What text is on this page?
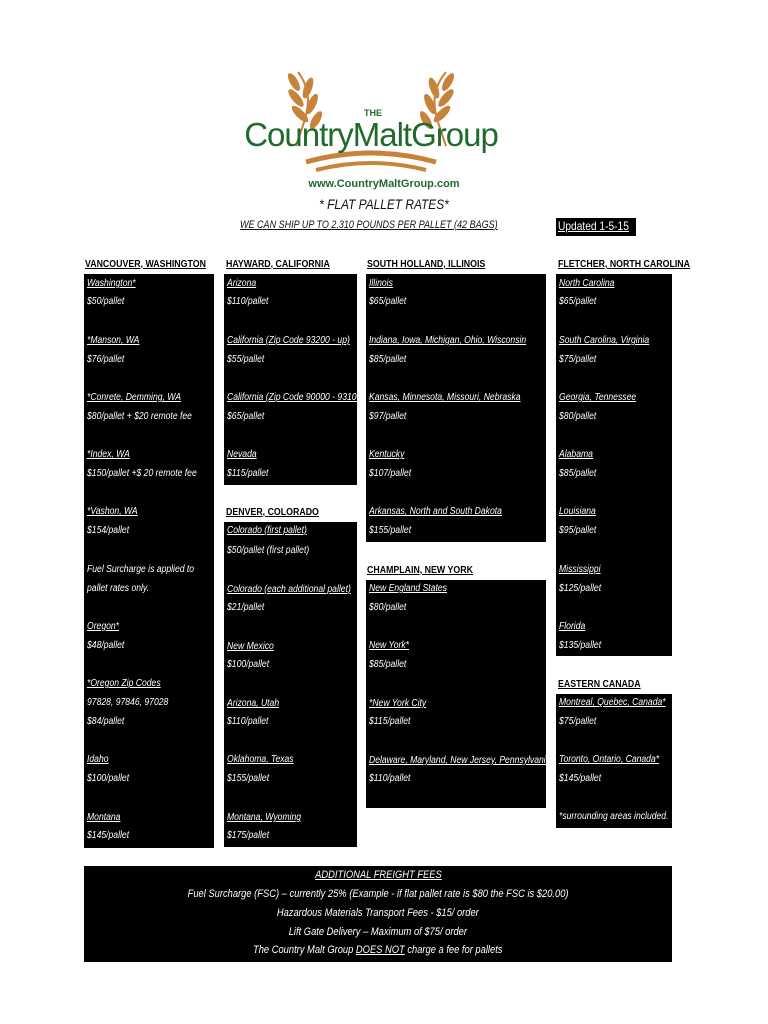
THE
CountryMaltGroup
www.CountryMaltGroup.com
* FLAT PALLET RATES*
WE CAN SHIP UP TO 2,310 POUNDS PER PALLET (42 BAGS)	Updated 1-5-15
VANCOUVER, WASHINGTON
Washington*
$50/pallet
*Manson, WA
$76/pallet
*Conrete, Demming, WA
$80/pallet + $20 remote fee
*Index, WA
$150/pallet +$ 20 remote fee
*Vashon, WA
$154/pallet
Fuel Surcharge is applied to
pallet rates only.
Oregon*
$48/pallet
*Oregon Zip Codes
97828, 97846, 97028
$84/pallet
Idaho
$100/pallet
Montana
$145/pallet
HAYWARD, CALIFORNIA
Arizona
$110/pallet
California (Zip Code 93200 - up)
$55/pallet
California (Zip Code 90000 - 93100)
$65/pallet
Nevada
$115/pallet
DENVER, COLORADO
Colorado (first pallet)
$50/pallet (first pallet)
Colorado (each additional pallet)
$21/pallet
New Mexico
$100/pallet
Arizona, Utah
$110/pallet
Oklahoma, Texas
$155/pallet
Montana, Wyoming
$175/pallet
SOUTH HOLLAND, ILLINOIS
Illinois
$65/pallet
Indiana, Iowa, Michigan, Ohio, Wisconsin
$85/pallet
Kansas, Minnesota, Missouri, Nebraska
$97/pallet
Kentucky
$107/pallet
Arkansas, North and South Dakota
$155/pallet
CHAMPLAIN, NEW YORK
New England States
$80/pallet
New York*
$85/pallet
*New York City
$115/pallet
Delaware, Maryland, New Jersey, Pennsylvania
$110/pallet
FLETCHER, NORTH CAROLINA
North Carolina
$65/pallet
South Carolina, Virginia
$75/pallet
Georgia, Tennessee
$80/pallet
Alabama
$85/pallet
Louisiana
$95/pallet
Mississippi
$125/pallet
Florida
$135/pallet
EASTERN CANADA
Montreal, Quebec, Canada*
$75/pallet
Toronto, Ontario, Canada*
$145/pallet
*surrounding areas included.
ADDITIONAL FREIGHT FEES
Fuel Surcharge (FSC) – currently 25% (Example - if flat pallet rate is $80 the FSC is $20.00)
Hazardous Materials Transport Fees - $15/ order
Lift Gate Delivery – Maximum of $75/ order
The Country Malt Group DOES NOT charge a fee for pallets
